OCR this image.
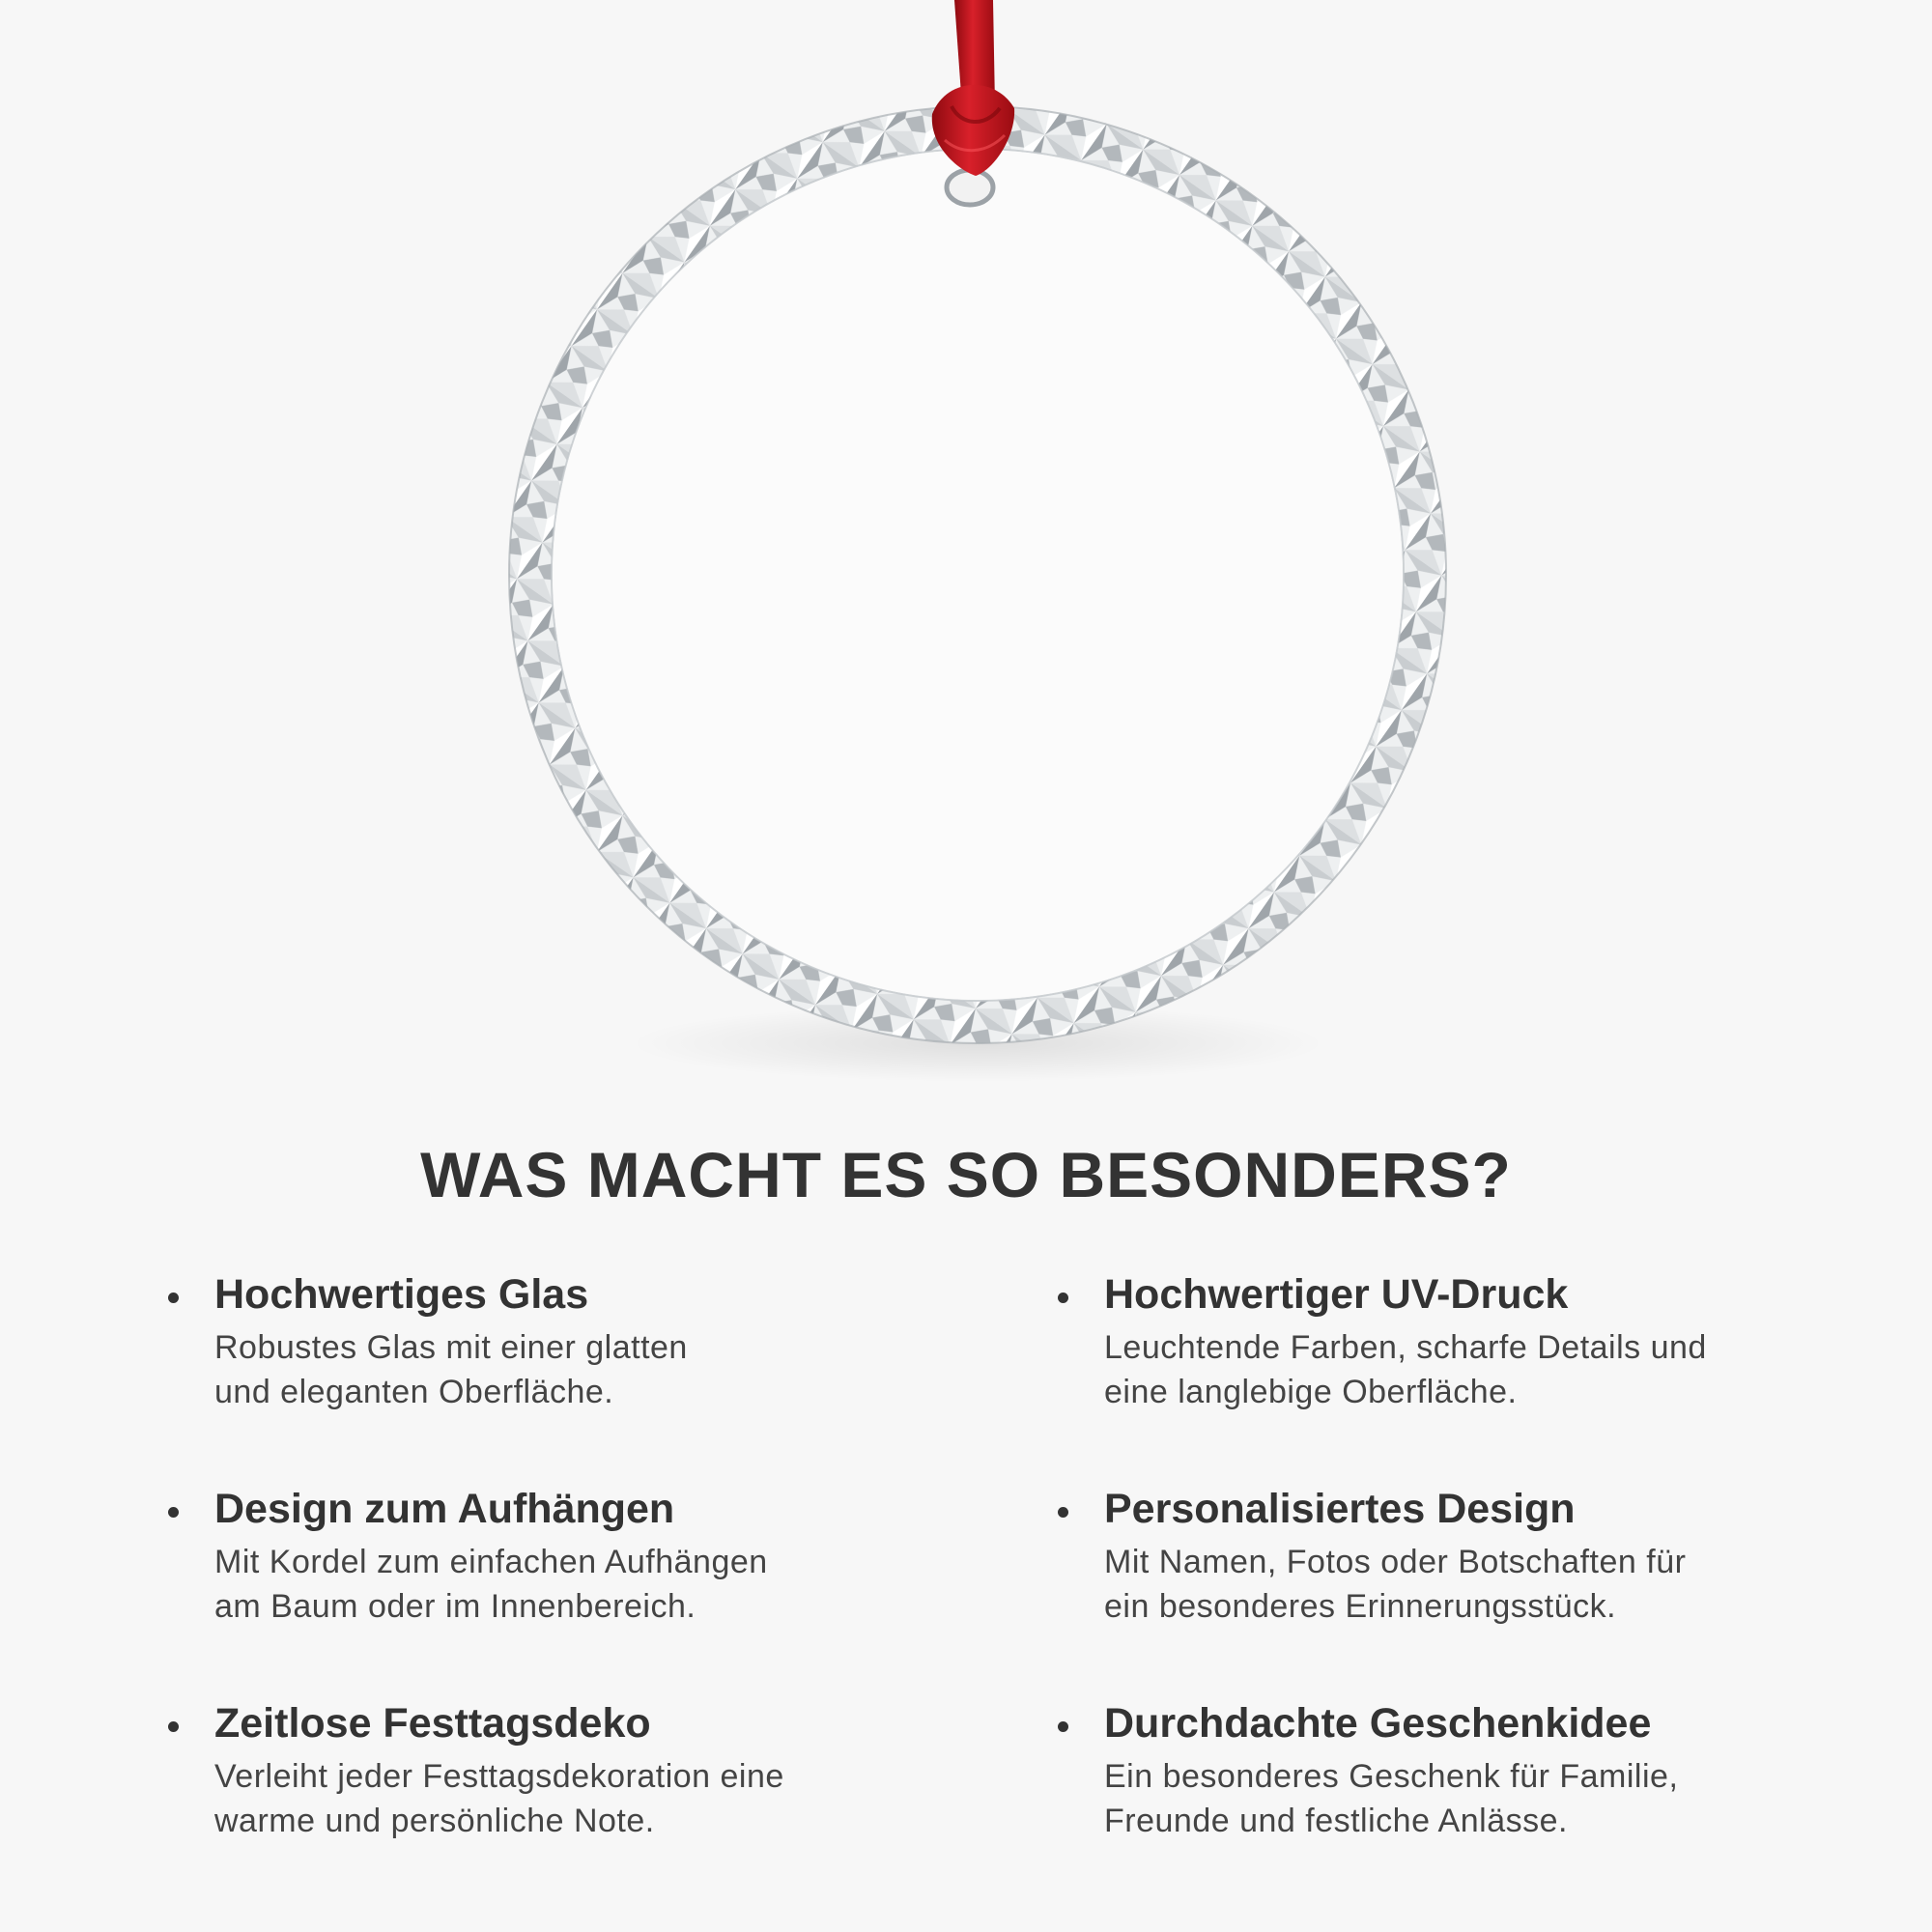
WAS MACHT ES SO BESONDERS?

Hochwertiges Glas

Robustes Glas mit einer glatten
und eleganten Oberfläche.

Hochwertiger UV-Druck

Leuchtende Farben, scharfe Details und
eine langlebige Oberfläche.

Design zum Aufhängen

Mit Kordel zum einfachen Aufhängen
am Baum oder im Innenbereich.

Personalisiertes Design

Mit Namen, Fotos oder Botschaften für
ein besonderes Erinnerungsstück.

Zeitlose Festtagsdeko

Verleiht jeder Festtagsdekoration eine
warme und persönliche Note.

Durchdachte Geschenkidee

Ein besonderes Geschenk für Familie,
Freunde und festliche Anlässe.
